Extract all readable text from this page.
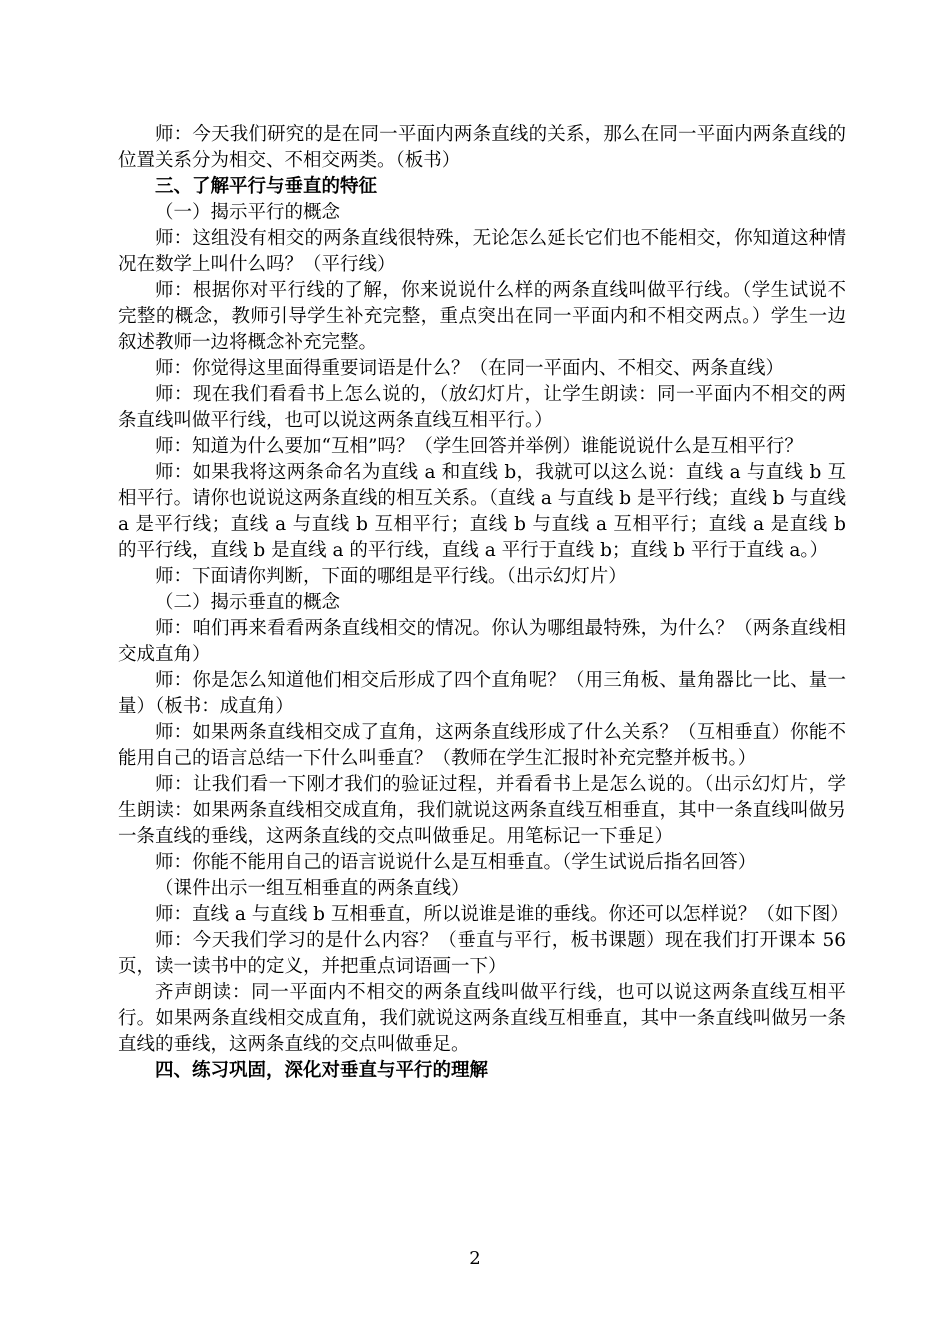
师：今天我们研究的是在同一平面内两条直线的关系，那么在同一平面内两条直线的位置关系分为相交、不相交两类。（板书）

三、了解平行与垂直的特征

（一）揭示平行的概念

师：这组没有相交的两条直线很特殊，无论怎么延长它们也不能相交，你知道这种情况在数学上叫什么吗？（平行线）

师：根据你对平行线的了解，你来说说什么样的两条直线叫做平行线。（学生试说不完整的概念，教师引导学生补充完整，重点突出在同一平面内和不相交两点。）学生一边叙述教师一边将概念补充完整。

师：你觉得这里面得重要词语是什么？（在同一平面内、不相交、两条直线）

师：现在我们看看书上怎么说的，（放幻灯片，让学生朗读：同一平面内不相交的两条直线叫做平行线，也可以说这两条直线互相平行。）

师：知道为什么要加“互相”吗？（学生回答并举例）谁能说说什么是互相平行？

师：如果我将这两条命名为直线 a 和直线 b，我就可以这么说：直线 a 与直线 b 互相平行。请你也说说这两条直线的相互关系。（直线 a 与直线 b 是平行线；直线 b 与直线 a 是平行线；直线 a 与直线 b 互相平行；直线 b 与直线 a 互相平行；直线 a 是直线 b 的平行线，直线 b 是直线 a 的平行线，直线 a 平行于直线 b；直线 b 平行于直线 a。）

师：下面请你判断，下面的哪组是平行线。（出示幻灯片）

（二）揭示垂直的概念

师：咱们再来看看两条直线相交的情况。你认为哪组最特殊，为什么？（两条直线相交成直角）

师：你是怎么知道他们相交后形成了四个直角呢？（用三角板、量角器比一比、量一量）（板书：成直角）

师：如果两条直线相交成了直角，这两条直线形成了什么关系？（互相垂直）你能不能用自己的语言总结一下什么叫垂直？（教师在学生汇报时补充完整并板书。）

师：让我们看一下刚才我们的验证过程，并看看书上是怎么说的。（出示幻灯片，学生朗读：如果两条直线相交成直角，我们就说这两条直线互相垂直，其中一条直线叫做另一条直线的垂线，这两条直线的交点叫做垂足。用笔标记一下垂足）

师：你能不能用自己的语言说说什么是互相垂直。（学生试说后指名回答）

（课件出示一组互相垂直的两条直线）

师：直线 a 与直线 b 互相垂直，所以说谁是谁的垂线。你还可以怎样说？（如下图）

师：今天我们学习的是什么内容？（垂直与平行，板书课题）现在我们打开课本 56 页，读一读书中的定义，并把重点词语画一下）

齐声朗读：同一平面内不相交的两条直线叫做平行线，也可以说这两条直线互相平行。如果两条直线相交成直角，我们就说这两条直线互相垂直，其中一条直线叫做另一条直线的垂线，这两条直线的交点叫做垂足。

四、练习巩固，深化对垂直与平行的理解

2
